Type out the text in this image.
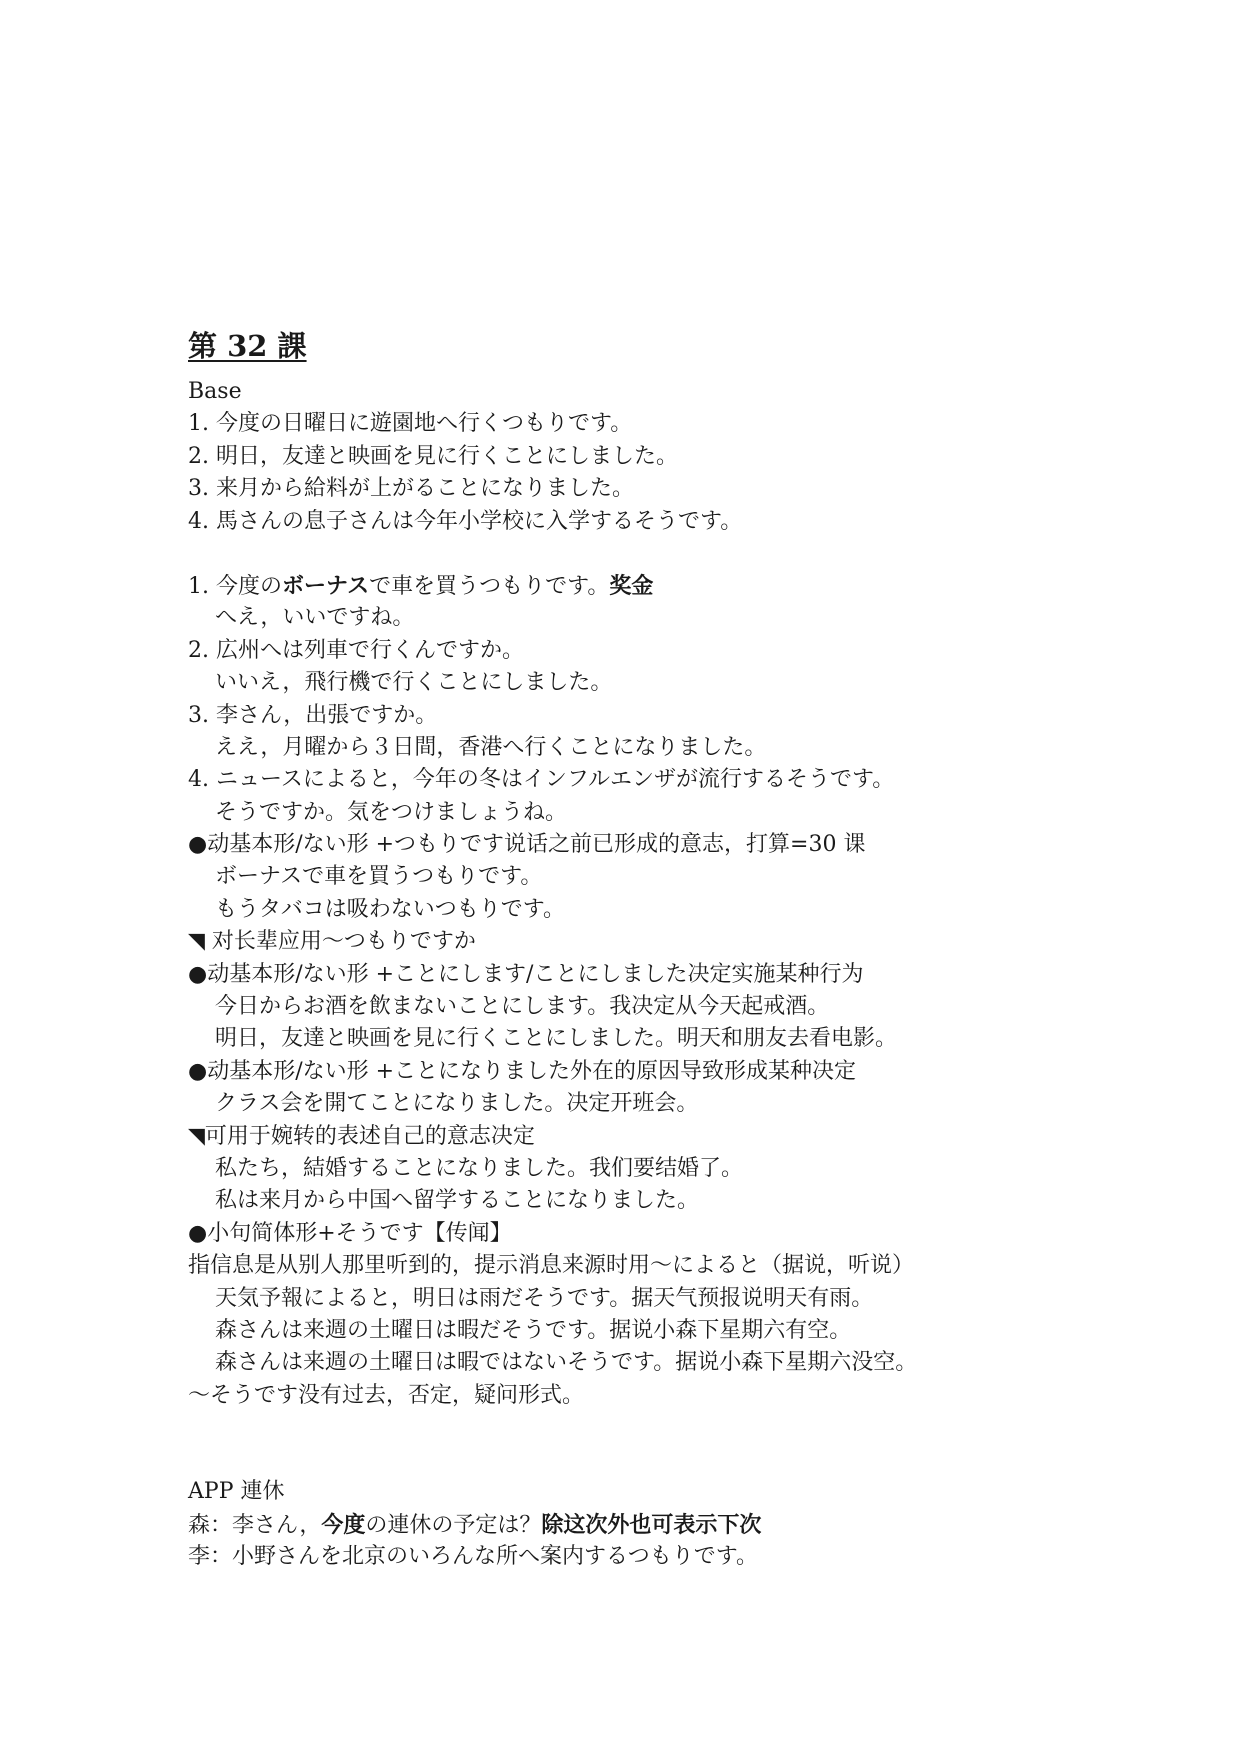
第 32 課
Base
1. 今度の日曜日に遊園地へ行くつもりです。
2. 明日，友達と映画を見に行くことにしました。
3. 来月から給料が上がることになりました。
4. 馬さんの息子さんは今年小学校に入学するそうです。
1. 今度のボーナスで車を買うつもりです。奖金
へえ，いいですね。
2. 広州へは列車で行くんですか。
いいえ，飛行機で行くことにしました。
3. 李さん，出張ですか。
ええ，月曜から３日間，香港へ行くことになりました。
4. ニュースによると，今年の冬はインフルエンザが流行するそうです。
そうですか。気をつけましょうね。
●动基本形/ない形 +つもりです说话之前已形成的意志，打算=30 课
ボーナスで車を買うつもりです。
もうタバコは吸わないつもりです。
◥ 对长辈应用～つもりですか
●动基本形/ない形 +ことにします/ことにしました决定实施某种行为
今日からお酒を飲まないことにします。我决定从今天起戒酒。
明日，友達と映画を見に行くことにしました。明天和朋友去看电影。
●动基本形/ない形 +ことになりました外在的原因导致形成某种决定
クラス会を開てことになりました。决定开班会。
◥可用于婉转的表述自己的意志决定
私たち，結婚することになりました。我们要结婚了。
私は来月から中国へ留学することになりました。
●小句简体形+そうです【传闻】
指信息是从别人那里听到的，提示消息来源时用～によると（据说，听说）
天気予報によると，明日は雨だそうです。据天气预报说明天有雨。
森さんは来週の土曜日は暇だそうです。据说小森下星期六有空。
森さんは来週の土曜日は暇ではないそうです。据说小森下星期六没空。
～そうです没有过去，否定，疑问形式。
APP 連休
森：李さん，今度の連休の予定は？除这次外也可表示下次
李：小野さんを北京のいろんな所へ案内するつもりです。
